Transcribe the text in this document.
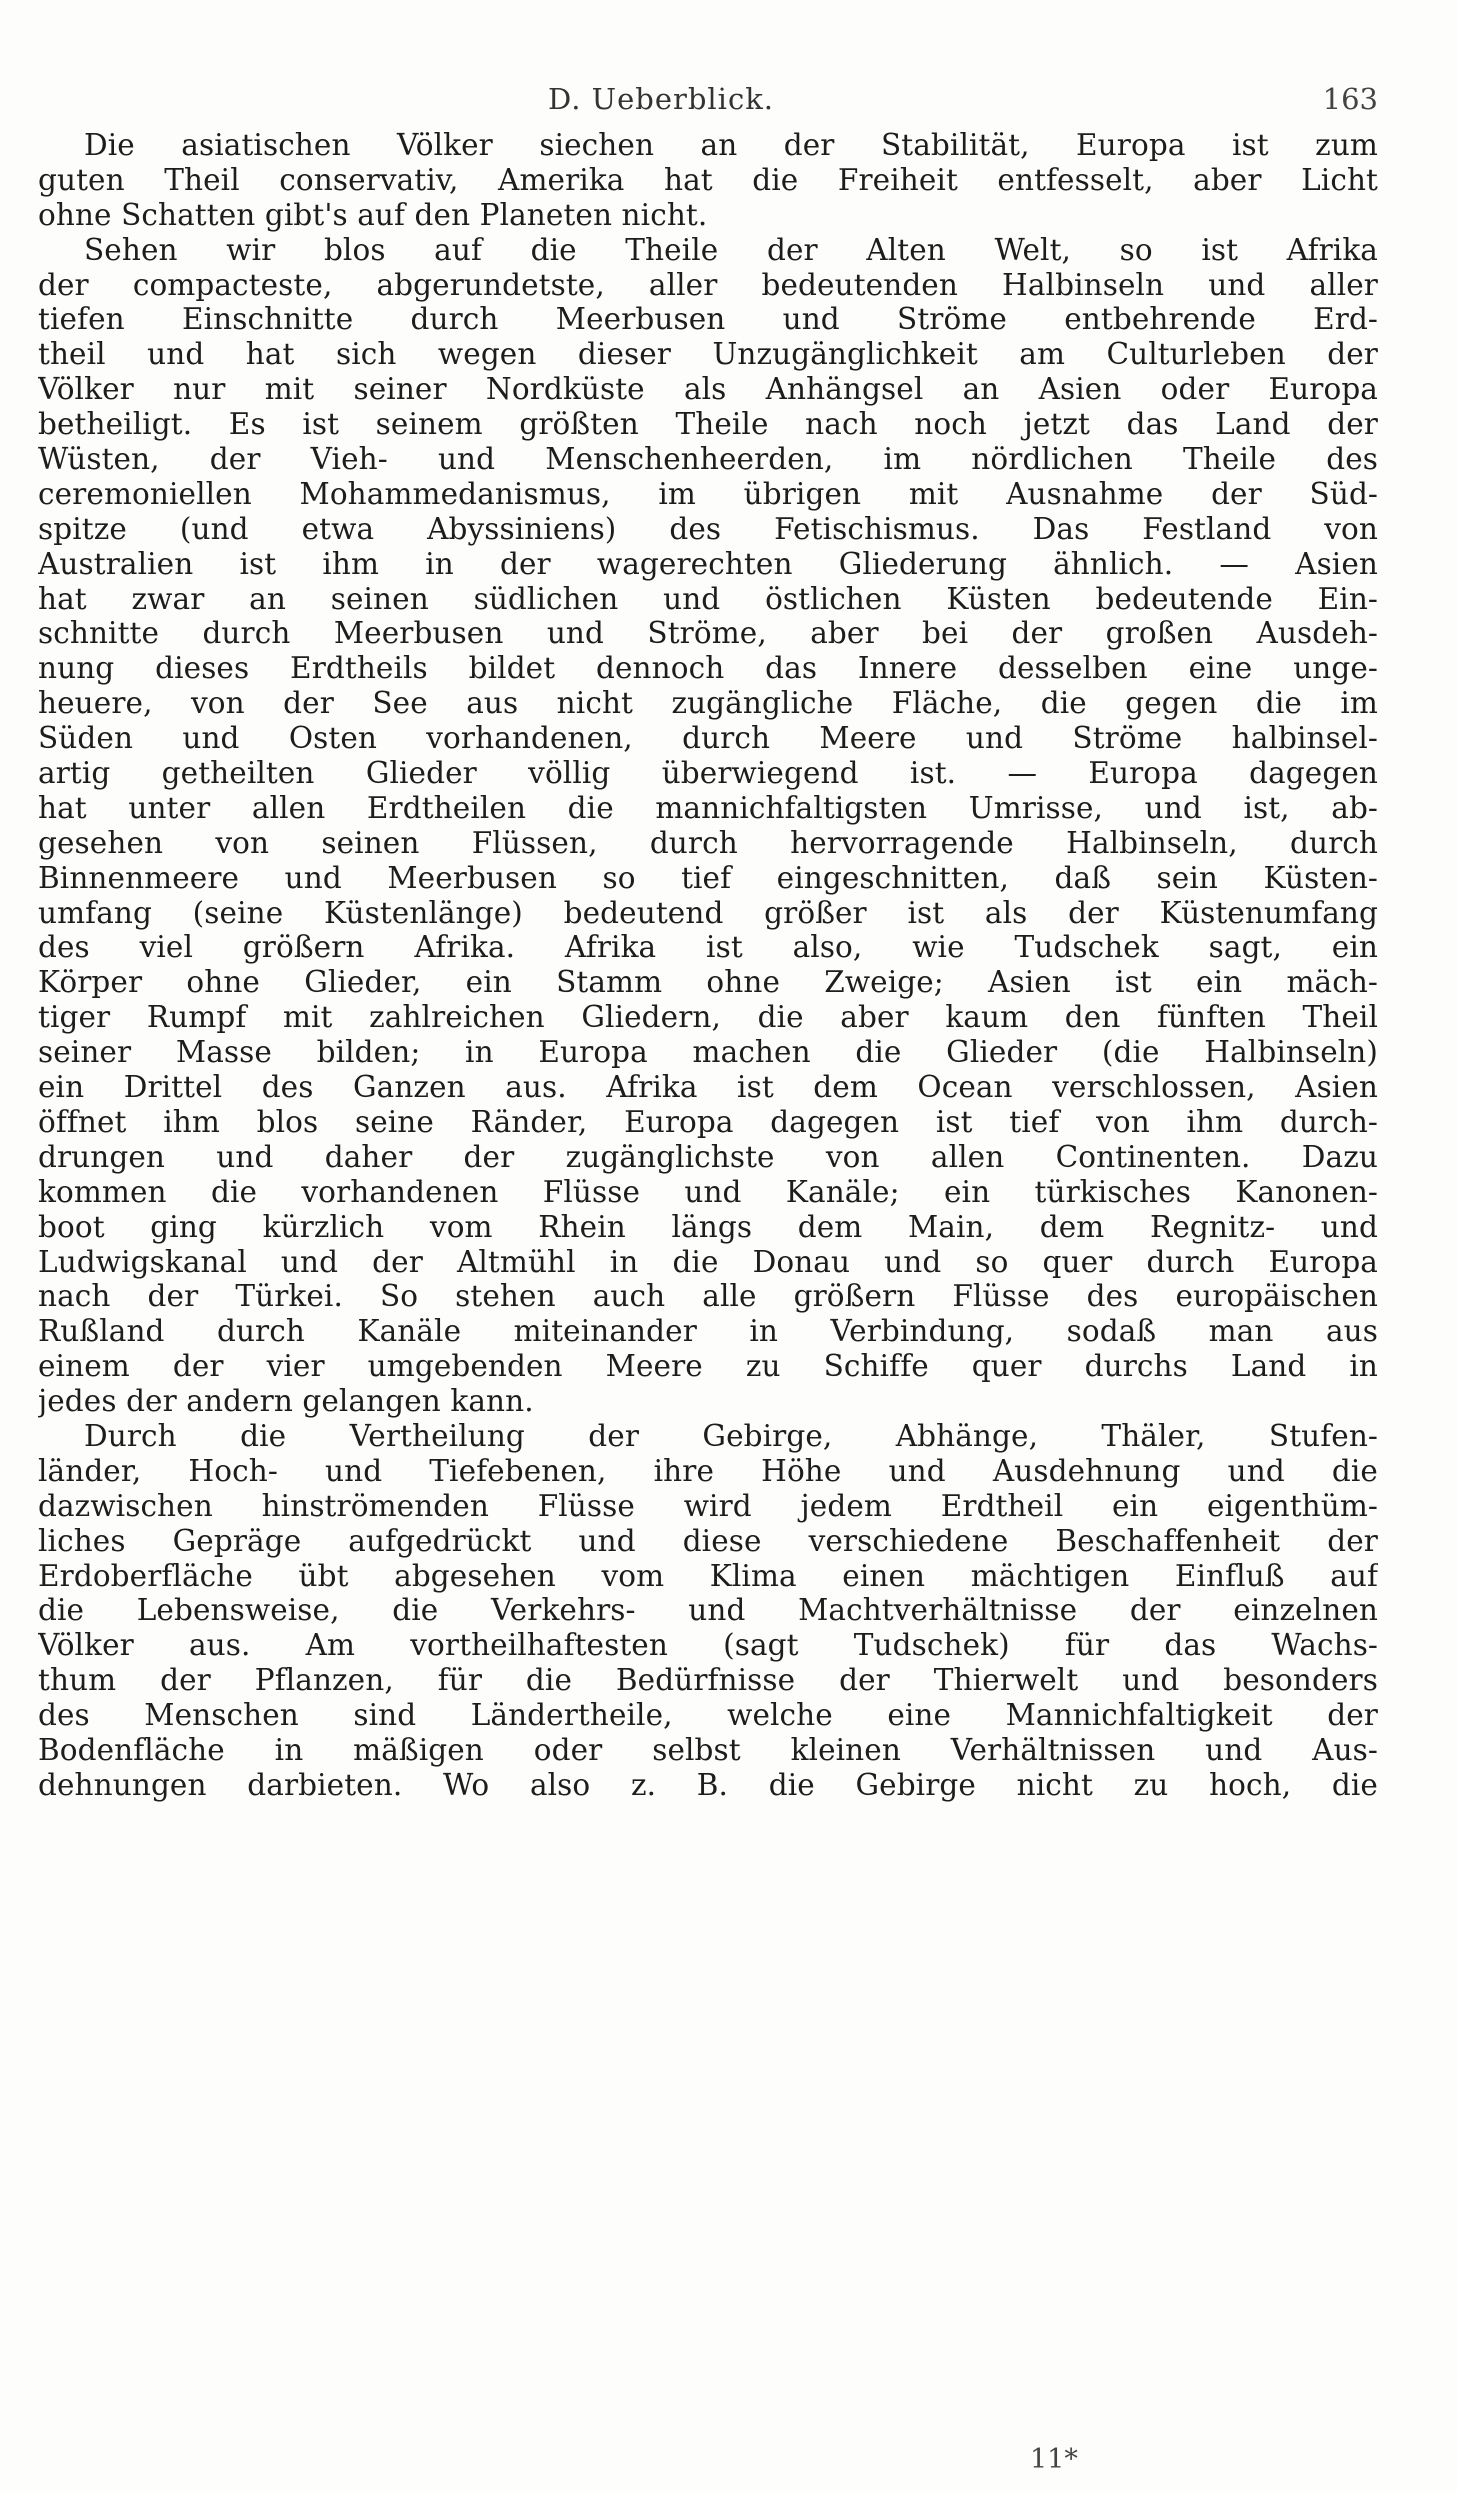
D. Ueberblick.	163
Die asiatischen Völker siechen an der Stabilität, Europa ist zum
guten Theil conservativ, Amerika hat die Freiheit entfesselt, aber Licht
ohne Schatten gibt's auf den Planeten nicht.
Sehen wir blos auf die Theile der Alten Welt, so ist Afrika
der compacteste, abgerundetste, aller bedeutenden Halbinseln und aller
tiefen Einschnitte durch Meerbusen und Ströme entbehrende Erd-
theil und hat sich wegen dieser Unzugänglichkeit am Culturleben der
Völker nur mit seiner Nordküste als Anhängsel an Asien oder Europa
betheiligt. Es ist seinem größten Theile nach noch jetzt das Land der
Wüsten, der Vieh- und Menschenheerden, im nördlichen Theile des
ceremoniellen Mohammedanismus, im übrigen mit Ausnahme der Süd-
spitze (und etwa Abyssiniens) des Fetischismus. Das Festland von
Australien ist ihm in der wagerechten Gliederung ähnlich. — Asien
hat zwar an seinen südlichen und östlichen Küsten bedeutende Ein-
schnitte durch Meerbusen und Ströme, aber bei der großen Ausdeh-
nung dieses Erdtheils bildet dennoch das Innere desselben eine unge-
heuere, von der See aus nicht zugängliche Fläche, die gegen die im
Süden und Osten vorhandenen, durch Meere und Ströme halbinsel-
artig getheilten Glieder völlig überwiegend ist. — Europa dagegen
hat unter allen Erdtheilen die mannichfaltigsten Umrisse, und ist, ab-
gesehen von seinen Flüssen, durch hervorragende Halbinseln, durch
Binnenmeere und Meerbusen so tief eingeschnitten, daß sein Küsten-
umfang (seine Küstenlänge) bedeutend größer ist als der Küstenumfang
des viel größern Afrika. Afrika ist also, wie Tudschek sagt, ein
Körper ohne Glieder, ein Stamm ohne Zweige; Asien ist ein mäch-
tiger Rumpf mit zahlreichen Gliedern, die aber kaum den fünften Theil
seiner Masse bilden; in Europa machen die Glieder (die Halbinseln)
ein Drittel des Ganzen aus. Afrika ist dem Ocean verschlossen, Asien
öffnet ihm blos seine Ränder, Europa dagegen ist tief von ihm durch-
drungen und daher der zugänglichste von allen Continenten. Dazu
kommen die vorhandenen Flüsse und Kanäle; ein türkisches Kanonen-
boot ging kürzlich vom Rhein längs dem Main, dem Regnitz- und
Ludwigskanal und der Altmühl in die Donau und so quer durch Europa
nach der Türkei. So stehen auch alle größern Flüsse des europäischen
Rußland durch Kanäle miteinander in Verbindung, sodaß man aus
einem der vier umgebenden Meere zu Schiffe quer durchs Land in
jedes der andern gelangen kann.
Durch die Vertheilung der Gebirge, Abhänge, Thäler, Stufen-
länder, Hoch- und Tiefebenen, ihre Höhe und Ausdehnung und die
dazwischen hinströmenden Flüsse wird jedem Erdtheil ein eigenthüm-
liches Gepräge aufgedrückt und diese verschiedene Beschaffenheit der
Erdoberfläche übt abgesehen vom Klima einen mächtigen Einfluß auf
die Lebensweise, die Verkehrs- und Machtverhältnisse der einzelnen
Völker aus. Am vortheilhaftesten (sagt Tudschek) für das Wachs-
thum der Pflanzen, für die Bedürfnisse der Thierwelt und besonders
des Menschen sind Ländertheile, welche eine Mannichfaltigkeit der
Bodenfläche in mäßigen oder selbst kleinen Verhältnissen und Aus-
dehnungen darbieten. Wo also z. B. die Gebirge nicht zu hoch, die
11*
